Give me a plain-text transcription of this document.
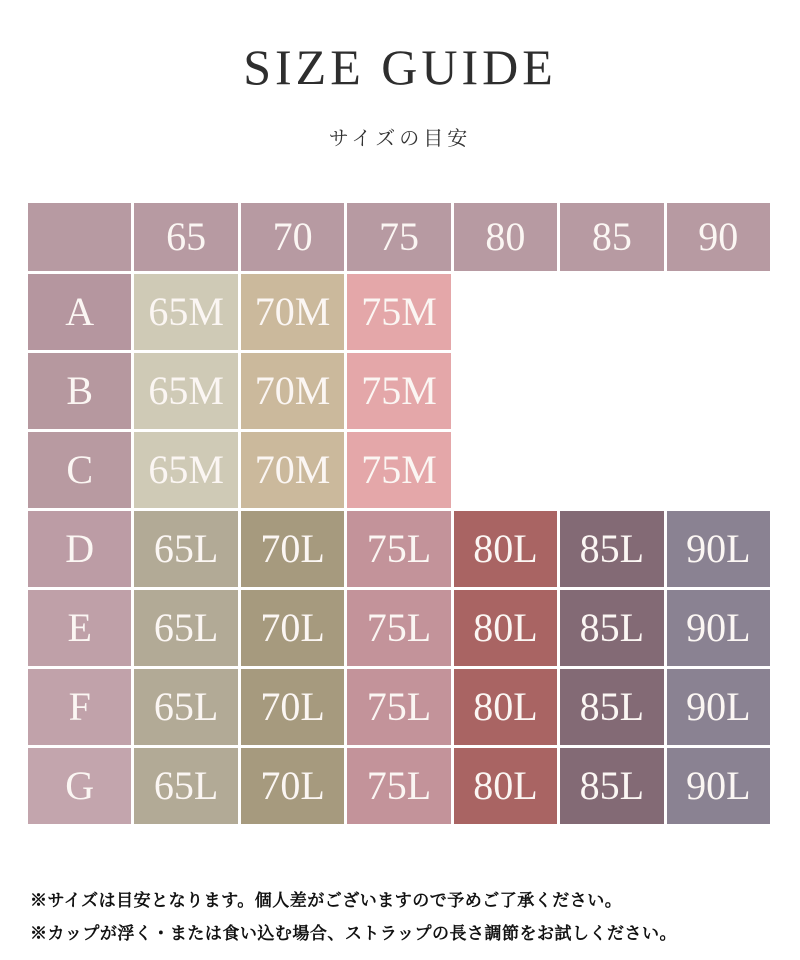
SIZE GUIDE
サイズの目安
65	70	75	80	85	90
A	65M 70M 75M
B	65M 70M 75M
C	65M 70M 75M
D	65L	70L	75L	80L	85L	90L
E	65L	70L	75L	80L	85L	90L
F	65L	70L	75L	80L	85L	90L
G	65L	70L	75L	80L	85L	90L
※サイズは目安となります。個人差がございますので予めご了承ください。
※カップが浮く・または食い込む場合、ストラップの長さ調節をお試しください。
